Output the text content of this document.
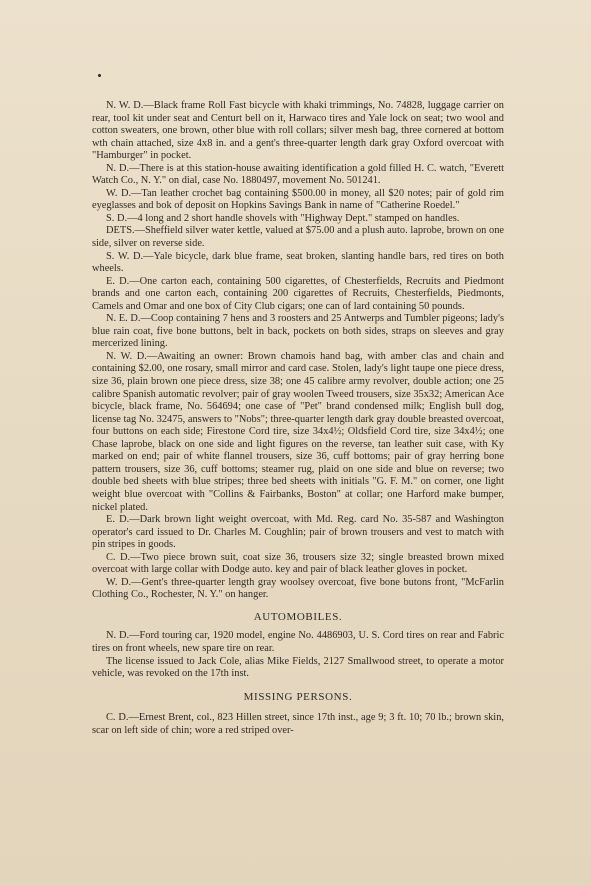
N. W. D.—Black frame Roll Fast bicycle with khaki trimmings, No. 74828, luggage carrier on rear, tool kit under seat and Centurt bell on it, Harwaco tires and Yale lock on seat; two wool and cotton sweaters, one brown, other blue with roll collars; silver mesh bag, three cornered at bottom wth chain attached, size 4x8 in. and a gent's three-quarter length dark gray Oxford overcoat with "Hamburger" in pocket.

N. D.—There is at this station-house awaiting identification a gold filled H. C. watch, "Everett Watch Co., N. Y." on dial, case No. 1880497, movement No. 501241.

W. D.—Tan leather crochet bag containing $500.00 in money, all $20 notes; pair of gold rim eyeglasses and bok of deposit on Hopkins Savings Bank in name of "Catherine Roedel."

S. D.—4 long and 2 short handle shovels with "Highway Dept." stamped on handles.

DETS.—Sheffield silver water kettle, valued at $75.00 and a plush auto. laprobe, brown on one side, silver on reverse side.

S. W. D.—Yale bicycle, dark blue frame, seat broken, slanting handle bars, red tires on both wheels.

E. D.—One carton each, containing 500 cigarettes, of Chesterfields, Recruits and Piedmont brands and one carton each, containing 200 cigarettes of Recruits, Chesterfields, Piedmonts, Camels and Omar and one box of City Club cigars; one can of lard containing 50 pounds.

N. E. D.—Coop containing 7 hens and 3 roosters and 25 Antwerps and Tumbler pigeons; lady's blue rain coat, five bone buttons, belt in back, pockets on both sides, straps on sleeves and gray mercerized lining.

N. W. D.—Awaiting an owner: Brown chamois hand bag, with amber clas and chain and containing $2.00, one rosary, small mirror and card case. Stolen, lady's light taupe one piece dress, size 36, plain brown one piece dress, size 38; one 45 calibre army revolver, double action; one 25 calibre Spanish automatic revolver; pair of gray woolen Tweed trousers, size 35x32; American Ace bicycle, black frame, No. 564694; one case of "Pet" brand condensed milk; English bull dog, license tag No. 32475, answers to "Nobs"; three-quarter length dark gray double breasted overcoat, four buttons on each side; Firestone Cord tire, size 34x4½; Oldsfield Cord tire, size 34x4½; one Chase laprobe, black on one side and light figures on the reverse, tan leather suit case, with Ky marked on end; pair of white flannel trousers, size 36, cuff bottoms; pair of gray herring bone pattern trousers, size 36, cuff bottoms; steamer rug, plaid on one side and blue on reverse; two double bed sheets with blue stripes; three bed sheets with initials "G. F. M." on corner, one light weight blue overcoat with "Collins & Fairbanks, Boston" at collar; one Harford make bumper, nickel plated.

E. D.—Dark brown light weight overcoat, with Md. Reg. card No. 35-587 and Washington operator's card issued to Dr. Charles M. Coughlin; pair of brown trousers and vest to match with pin stripes in goods.

C. D.—Two piece brown suit, coat size 36, trousers size 32; single breasted brown mixed overcoat with large collar with Dodge auto. key and pair of black leather gloves in pocket.

W. D.—Gent's three-quarter length gray woolsey overcoat, five bone butons front, "McFarlin Clothing Co., Rochester, N. Y." on hanger.

AUTOMOBILES.

N. D.—Ford touring car, 1920 model, engine No. 4486903, U. S. Cord tires on rear and Fabric tires on front wheels, new spare tire on rear.

The license issued to Jack Cole, alias Mike Fields, 2127 Smallwood street, to operate a motor vehicle, was revoked on the 17th inst.

MISSING PERSONS.

C. D.—Ernest Brent, col., 823 Hillen street, since 17th inst., age 9; 3 ft. 10; 70 lb.; brown skin, scar on left side of chin; wore a red striped over-
